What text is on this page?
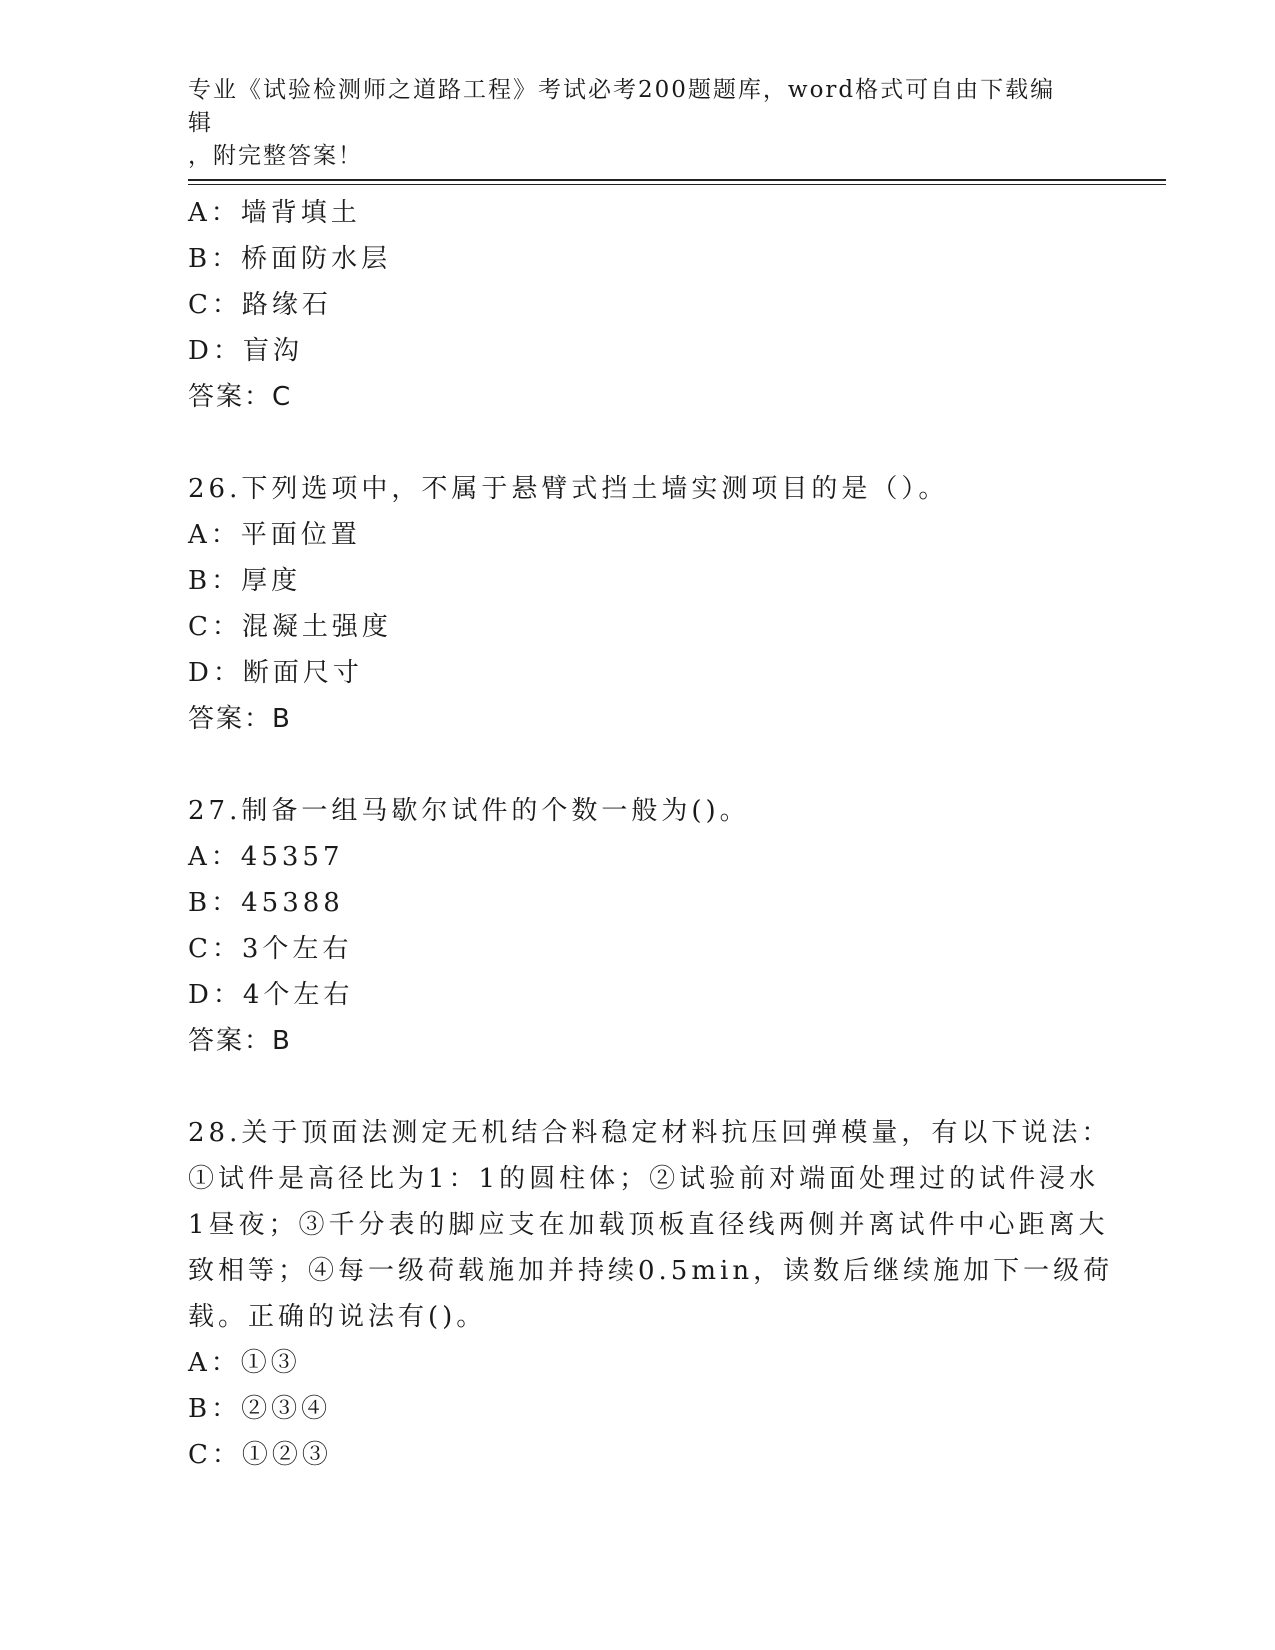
专业《试验检测师之道路工程》考试必考200题题库，word格式可自由下载编辑
，附完整答案！
A：墙背填土
B：桥面防水层
C：路缘石
D：盲沟
答案：C
26.下列选项中，不属于悬臂式挡土墙实测项目的是（）。
A：平面位置
B：厚度
C：混凝土强度
D：断面尺寸
答案：B
27.制备一组马歇尔试件的个数一般为()。
A：45357
B：45388
C：3个左右
D：4个左右
答案：B
28.关于顶面法测定无机结合料稳定材料抗压回弹模量，有以下说法：
①试件是高径比为1：1的圆柱体；②试验前对端面处理过的试件浸水
1昼夜；③千分表的脚应支在加载顶板直径线两侧并离试件中心距离大
致相等；④每一级荷载施加并持续0.5min，读数后继续施加下一级荷
载。正确的说法有()。
A：①③
B：②③④
C：①②③
